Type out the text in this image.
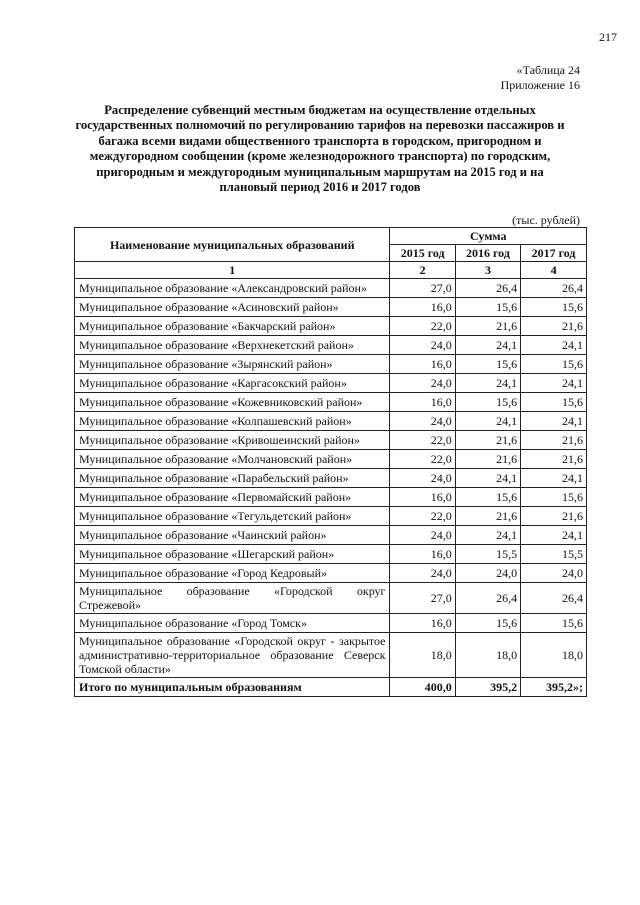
217
«Таблица 24
Приложение 16
Распределение субвенций местным бюджетам на осуществление отдельных государственных полномочий по регулированию тарифов на перевозки пассажиров и багажа всеми видами общественного транспорта в городском, пригородном и междугородном сообщении (кроме железнодорожного транспорта) по городским, пригородным и междугородным муниципальным маршрутам на 2015 год и на плановый период 2016 и 2017 годов
(тыс. рублей)
Наименование муниципальных образований	Сумма		
	2015 год	2016 год	2017 год
1	2	3	4
Муниципальное образование «Александровский район»	27,0	26,4	26,4
Муниципальное образование «Асиновский район»	16,0	15,6	15,6
Муниципальное образование «Бакчарский район»	22,0	21,6	21,6
Муниципальное образование «Верхнекетский район»	24,0	24,1	24,1
Муниципальное образование «Зырянский район»	16,0	15,6	15,6
Муниципальное образование «Каргасокский район»	24,0	24,1	24,1
Муниципальное образование «Кожевниковский район»	16,0	15,6	15,6
Муниципальное образование «Колпашевский район»	24,0	24,1	24,1
Муниципальное образование «Кривошеинский район»	22,0	21,6	21,6
Муниципальное образование «Молчановский район»	22,0	21,6	21,6
Муниципальное образование «Парабельский район»	24,0	24,1	24,1
Муниципальное образование «Первомайский район»	16,0	15,6	15,6
Муниципальное образование «Тегульдетский район»	22,0	21,6	21,6
Муниципальное образование «Чаинский район»	24,0	24,1	24,1
Муниципальное образование «Шегарский район»	16,0	15,5	15,5
Муниципальное образование «Город Кедровый»	24,0	24,0	24,0
Муниципальное образование «Городской округ Стрежевой»	27,0	26,4	26,4
Муниципальное образование «Город Томск»	16,0	15,6	15,6
Муниципальное образование «Городской округ - закрытое административно-территориальное образование Северск Томской области»	18,0	18,0	18,0
Итого по муниципальным образованиям	400,0	395,2	395,2»;
